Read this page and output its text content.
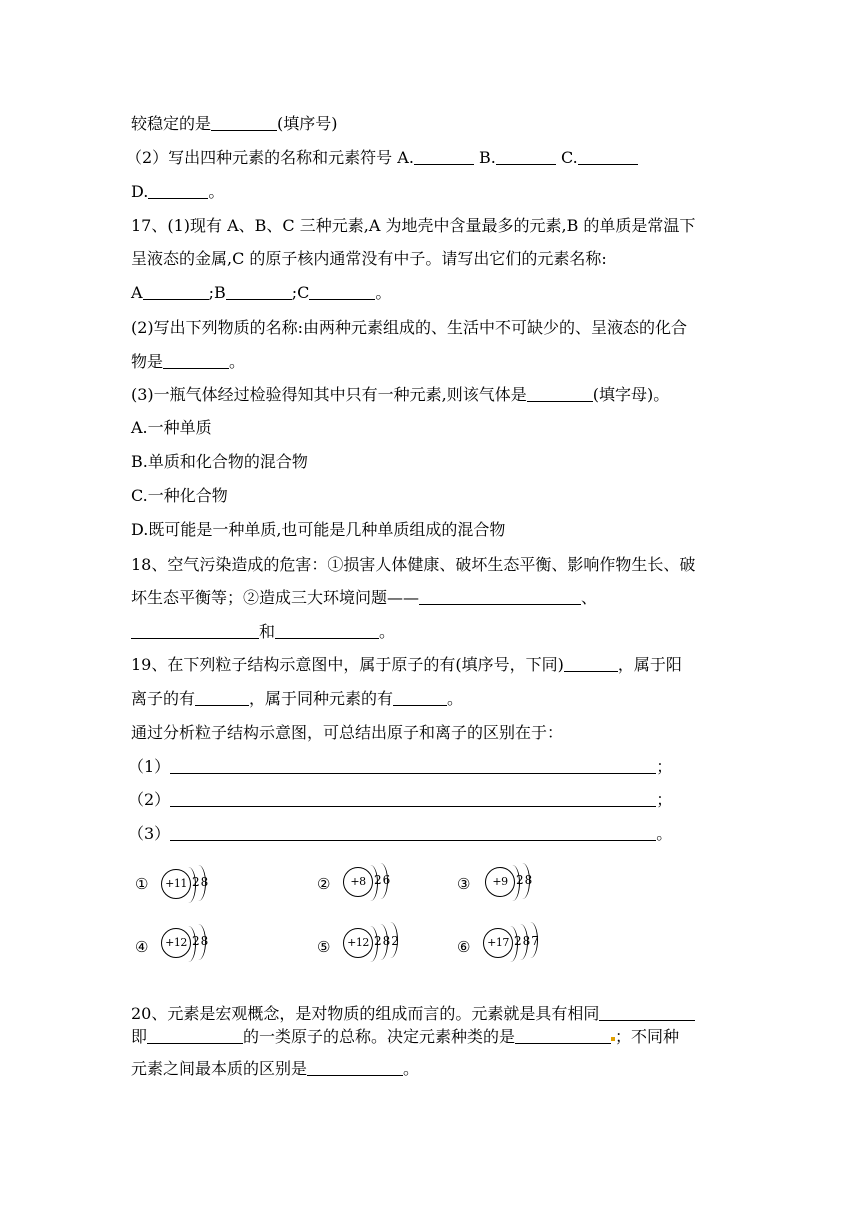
较稳定的是	(填序号)
（2）写出四种元素的名称和元素符号 A.	B.	C.
D.	。
17、(1)现有 A、B、C 三种元素,A 为地壳中含量最多的元素,B 的单质是常温下
呈液态的金属,C 的原子核内通常没有中子。请写出它们的元素名称:
A	;B	;C	。
(2)写出下列物质的名称:由两种元素组成的、生活中不可缺少的、呈液态的化合
物是	。
(3)一瓶气体经过检验得知其中只有一种元素,则该气体是	(填字母)。
A.一种单质
B.单质和化合物的混合物
C.一种化合物
D.既可能是一种单质,也可能是几种单质组成的混合物
18、空气污染造成的危害：①损害人体健康、破坏生态平衡、影响作物生长、破
坏生态平衡等；②造成三大环境问题——	、
和	。
19、在下列粒子结构示意图中，属于原子的有(填序号，下同)	，属于阳
离子的有	，属于同种元素的有	。
通过分析粒子结构示意图，可总结出原子和离子的区别在于：
（1）	；
（2）	；
（3）	。
①	+11 28	②	+8 26	③	+9 28
④	+12 28	⑤	+12 282	⑥	+17 287
20、元素是宏观概念，是对物质的组成而言的。元素就是具有相同
即	的一类原子的总称。决定元素种类的是	；不同种
元素之间最本质的区别是	。
